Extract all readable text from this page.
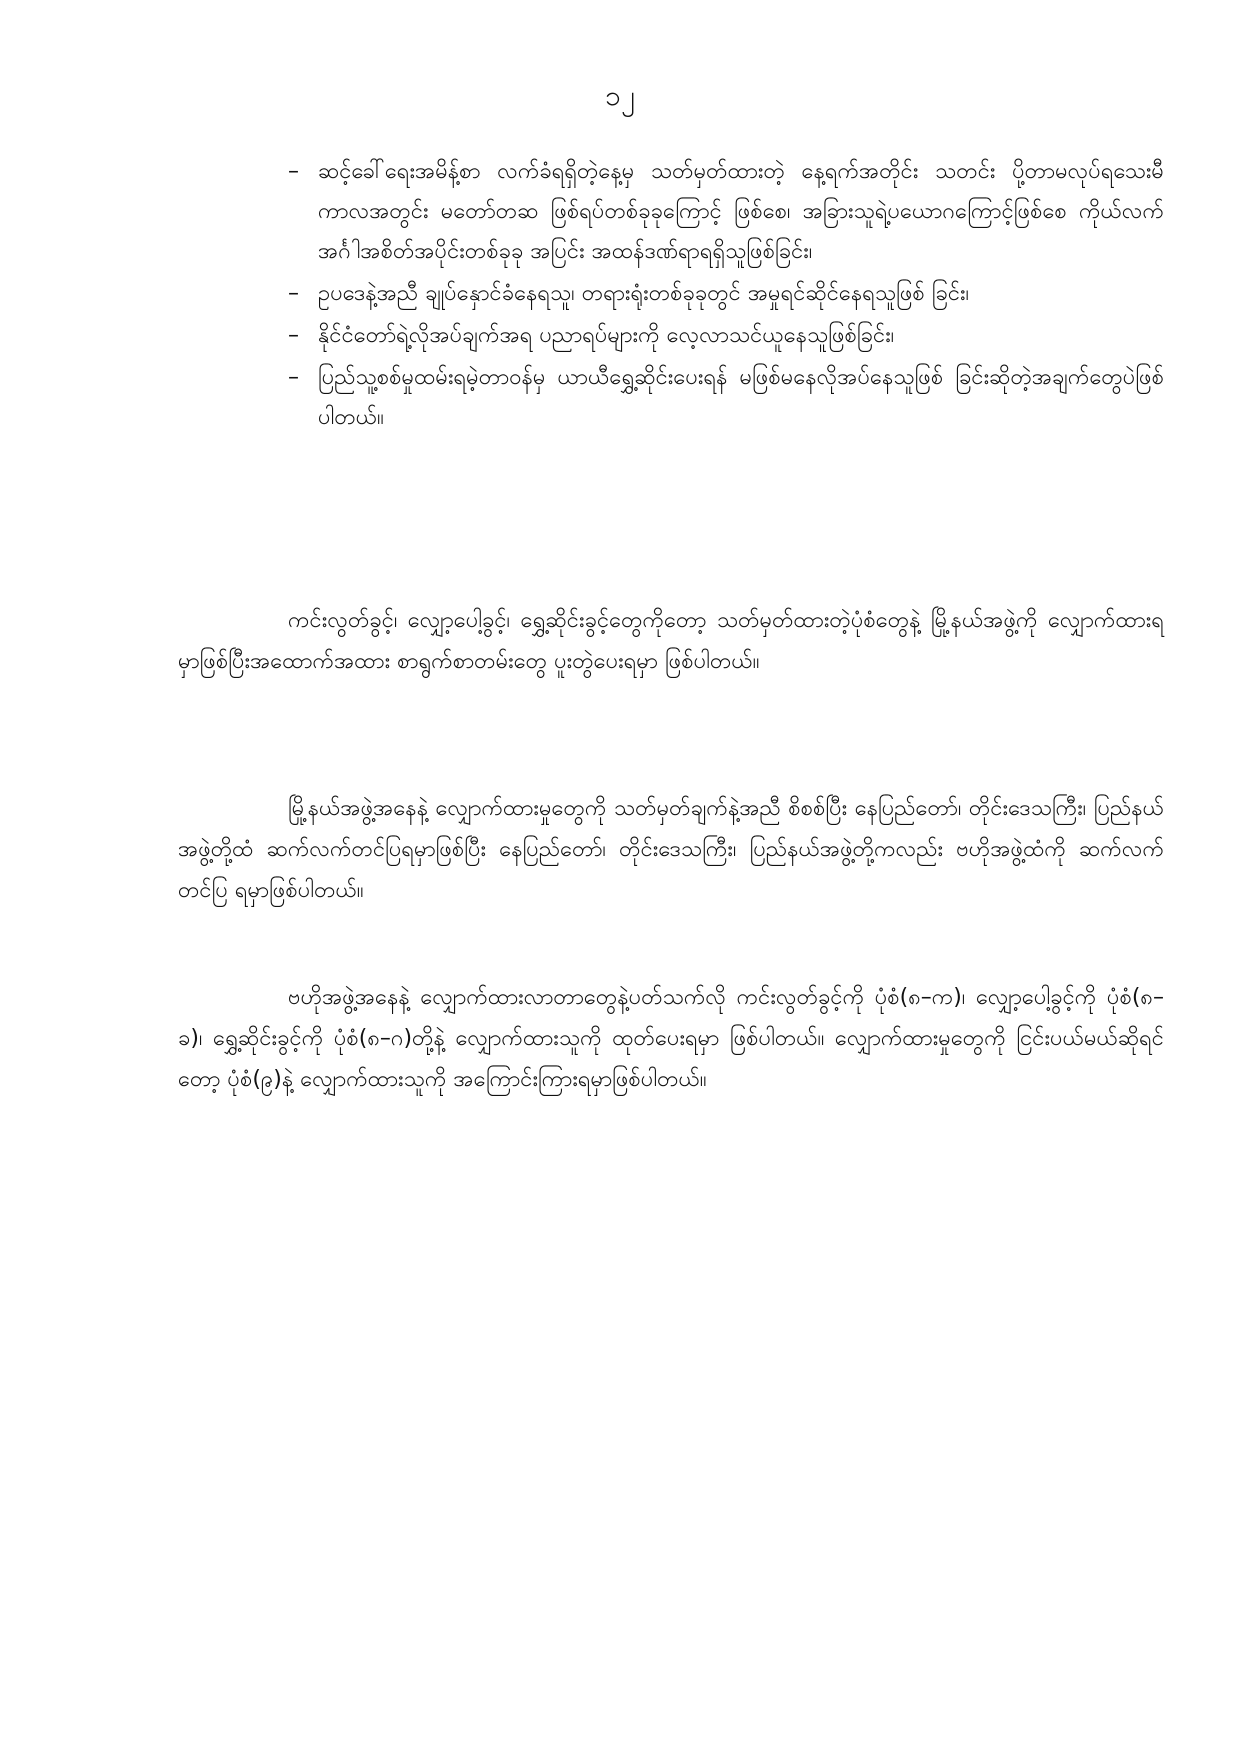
၁၂
– ဆင့်ခေါ်ရေးအမိန့်စာ လက်ခံရရှိတဲ့နေ့မှ သတ်မှတ်ထားတဲ့ နေ့ရက်အတိုင်း သတင်း ပို့တာမလုပ်ရသေးမီကာလအတွင်း မတော်တဆ ဖြစ်ရပ်တစ်ခုခုကြောင့် ဖြစ်စေ၊ အခြားသူရဲ့ပယောဂကြောင့်ဖြစ်စေ ကိုယ်လက်အင်္ဂါအစိတ်အပိုင်းတစ်ခုခု အပြင်း အထန်ဒဏ်ရာရရှိသူဖြစ်ခြင်း၊
– ဥပဒေနဲ့အညီ ချုပ်နှောင်ခံနေရသူ၊ တရားရုံးတစ်ခုခုတွင် အမှုရင်ဆိုင်နေရသူဖြစ် ခြင်း၊
– နိုင်ငံတော်ရဲ့လိုအပ်ချက်အရ ပညာရပ်များကို လေ့လာသင်ယူနေသူဖြစ်ခြင်း၊
– ပြည်သူ့စစ်မှုထမ်းရမဲ့တာဝန်မှ ယာယီရွှေ့ဆိုင်းပေးရန် မဖြစ်မနေလိုအပ်နေသူဖြစ် ခြင်းဆိုတဲ့အချက်တွေပဲဖြစ်ပါတယ်။

ကင်းလွတ်ခွင့်၊ လျှော့ပေါ့ခွင့်၊ ရွှေ့ဆိုင်းခွင့်တွေကိုတော့ သတ်မှတ်ထားတဲ့ပုံစံတွေနဲ့ မြို့နယ်အဖွဲ့ကို လျှောက်ထားရမှာဖြစ်ပြီးအထောက်အထား စာရွက်စာတမ်းတွေ ပူးတွဲပေးရမှာ ဖြစ်ပါတယ်။

မြို့နယ်အဖွဲ့အနေနဲ့ လျှောက်ထားမှုတွေကို သတ်မှတ်ချက်နဲ့အညီ စိစစ်ပြီး နေပြည်တော်၊ တိုင်းဒေသကြီး၊ ပြည်နယ်အဖွဲ့တို့ထံ ဆက်လက်တင်ပြရမှာဖြစ်ပြီး နေပြည်တော်၊ တိုင်းဒေသကြီး၊ ပြည်နယ်အဖွဲ့တို့ကလည်း ဗဟိုအဖွဲ့ထံကို ဆက်လက်တင်ပြ ရမှာဖြစ်ပါတယ်။

ဗဟိုအဖွဲ့အနေနဲ့ လျှောက်ထားလာတာတွေနဲ့ပတ်သက်လို ကင်းလွတ်ခွင့်ကို ပုံစံ(၈–က)၊ လျှော့ပေါ့ခွင့်ကို ပုံစံ(၈–ခ)၊ ရွှေ့ဆိုင်းခွင့်ကို ပုံစံ(၈–ဂ)တို့နဲ့ လျှောက်ထားသူကို ထုတ်ပေးရမှာ ဖြစ်ပါတယ်။ လျှောက်ထားမှုတွေကို ငြင်းပယ်မယ်ဆိုရင်တော့ ပုံစံ(၉)နဲ့ လျှောက်ထားသူကို အကြောင်းကြားရမှာဖြစ်ပါတယ်။
